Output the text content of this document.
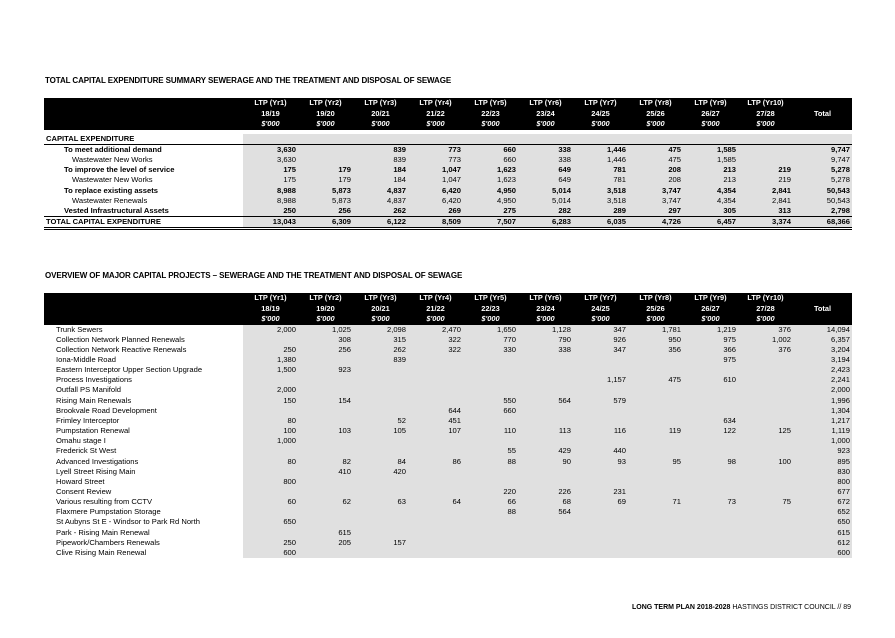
TOTAL CAPITAL EXPENDITURE SUMMARY SEWERAGE AND THE TREATMENT AND DISPOSAL OF SEWAGE
	LTP (Yr1)	LTP (Yr2)	LTP (Yr3)	LTP (Yr4)	LTP (Yr5)	LTP (Yr6)	LTP (Yr7)	LTP (Yr8)	LTP (Yr9)	LTP (Yr10)	
	18/19	19/20	20/21	21/22	22/23	23/24	24/25	25/26	26/27	27/28	Total
	$'000	$'000	$'000	$'000	$'000	$'000	$'000	$'000	$'000	$'000	

CAPITAL EXPENDITURE											
To meet additional demand	3,630		839	773	660	338	1,446	475	1,585		9,747
Wastewater New Works	3,630		839	773	660	338	1,446	475	1,585		9,747
To improve the level of service	175	179	184	1,047	1,623	649	781	208	213	219	5,278
Wastewater New Works	175	179	184	1,047	1,623	649	781	208	213	219	5,278
To replace existing assets	8,988	5,873	4,837	6,420	4,950	5,014	3,518	3,747	4,354	2,841	50,543
Wastewater Renewals	8,988	5,873	4,837	6,420	4,950	5,014	3,518	3,747	4,354	2,841	50,543
Vested Infrastructural Assets	250	256	262	269	275	282	289	297	305	313	2,798
TOTAL CAPITAL EXPENDITURE	13,043	6,309	6,122	8,509	7,507	6,283	6,035	4,726	6,457	3,374	68,366
OVERVIEW OF MAJOR CAPITAL PROJECTS – SEWERAGE AND THE TREATMENT AND DISPOSAL OF SEWAGE
	LTP (Yr1)	LTP (Yr2)	LTP (Yr3)	LTP (Yr4)	LTP (Yr5)	LTP (Yr6)	LTP (Yr7)	LTP (Yr8)	LTP (Yr9)	LTP (Yr10)	
	18/19	19/20	20/21	21/22	22/23	23/24	24/25	25/26	26/27	27/28	Total
	$'000	$'000	$'000	$'000	$'000	$'000	$'000	$'000	$'000	$'000	
Trunk Sewers	2,000	1,025	2,098	2,470	1,650	1,128	347	1,781	1,219	376	14,094
Collection Network Planned Renewals		308	315	322	770	790	926	950	975	1,002	6,357
Collection Network Reactive Renewals	250	256	262	322	330	338	347	356	366	376	3,204
Iona-Middle Road	1,380		839						975		3,194
Eastern Interceptor Upper Section Upgrade	1,500	923									2,423
Process Investigations							1,157	475	610		2,241
Outfall PS Manifold	2,000										2,000
Rising Main Renewals	150	154			550	564	579				1,996
Brookvale Road Development				644	660						1,304
Frimley Interceptor	80		52	451					634		1,217
Pumpstation Renewal	100	103	105	107	110	113	116	119	122	125	1,119
Omahu stage I	1,000										1,000
Frederick St West					55	429	440				923
Advanced Investigations	80	82	84	86	88	90	93	95	98	100	895
Lyell Street Rising Main		410	420								830
Howard Street	800										800
Consent Review					220	226	231				677
Various resulting from CCTV	60	62	63	64	66	68	69	71	73	75	672
Flaxmere Pumpstation Storage					88	564					652
St Aubyns St E - Windsor to Park Rd North	650										650
Park - Rising Main Renewal		615									615
Pipework/Chambers Renewals	250	205	157								612
Clive Rising Main Renewal	600										600
LONG TERM PLAN 2018-2028 HASTINGS DISTRICT COUNCIL // 89
